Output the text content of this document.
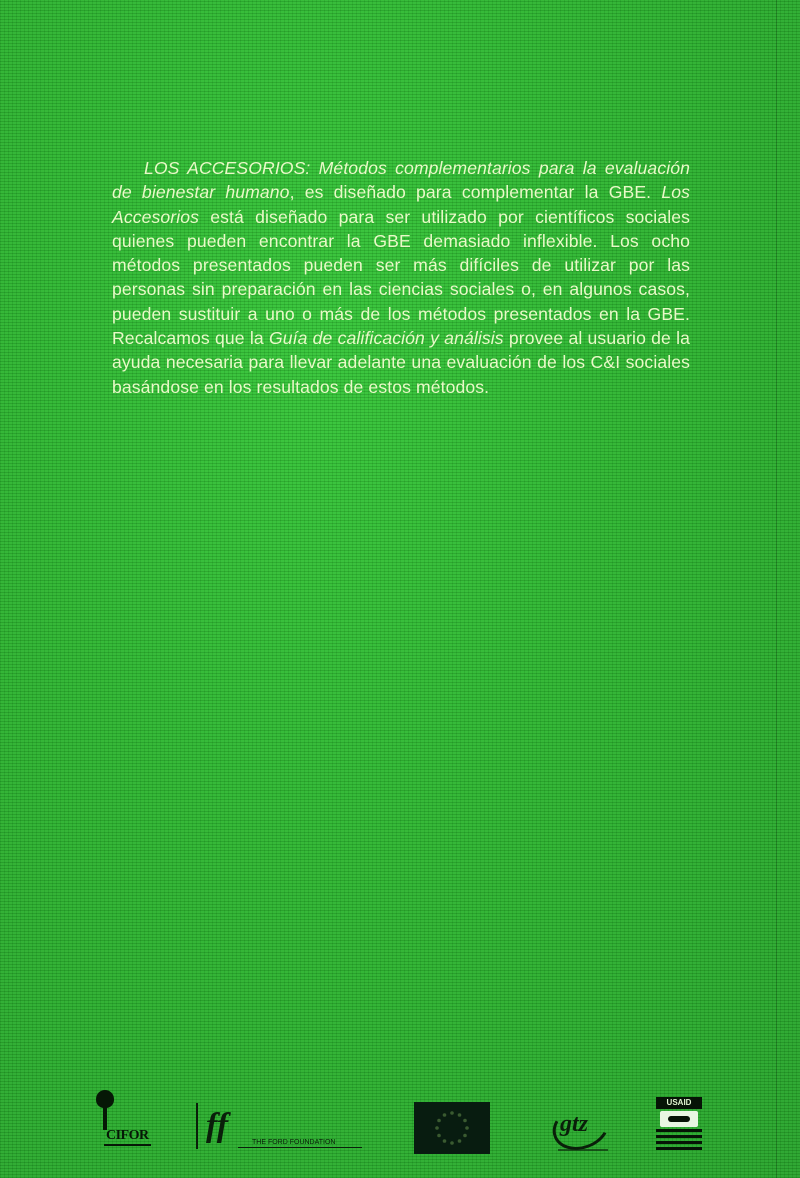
LOS ACCESORIOS: Métodos complementarios para la evaluación de bienestar humano, es diseñado para complementar la GBE. Los Accesorios está diseñado para ser utilizado por científicos sociales quienes pueden encontrar la GBE demasiado inflexible. Los ocho métodos presentados pueden ser más difíciles de utilizar por las personas sin preparación en las ciencias sociales o, en algunos casos, pueden sustituir a uno o más de los métodos presentados en la GBE. Recalcamos que la Guía de calificación y análisis provee al usuario de la ayuda necesaria para llevar adelante una evaluación de los C&I sociales basándose en los resultados de estos métodos.

CIFOR ff	THE FORD FOUNDATION
gtz
USAID
